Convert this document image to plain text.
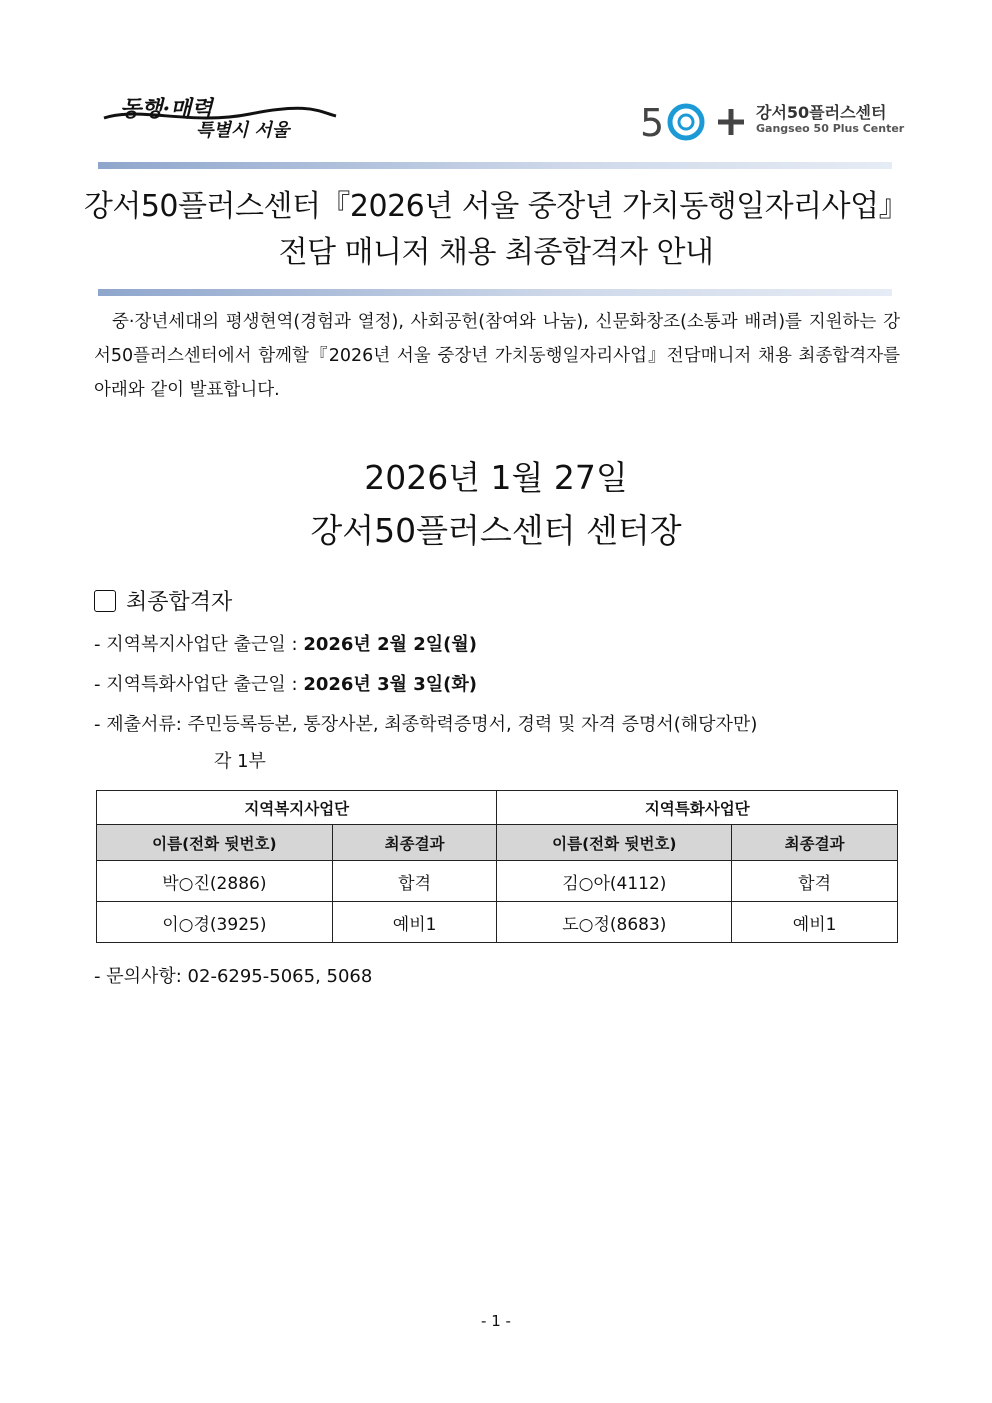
동행·매력
특별시 서울	5	강서50플러스센터
Gangseo 50 Plus Center
강서50플러스센터『2026년 서울 중장년 가치동행일자리사업』
전담 매니저 채용 최종합격자 안내
중·장년세대의 평생현역(경험과 열정), 사회공헌(참여와 나눔), 신문화창조(소통과 배려)를 지원하는 강서50플러스센터에서 함께할『2026년 서울 중장년 가치동행일자리사업』전담매니저 채용 최종합격자를 아래와 같이 발표합니다.
2026년 1월 27일
강서50플러스센터 센터장
최종합격자
- 지역복지사업단 출근일 : 2026년 2월 2일(월)
- 지역특화사업단 출근일 : 2026년 3월 3일(화)
- 제출서류: 주민등록등본, 통장사본, 최종학력증명서, 경력 및 자격 증명서(해당자만)
각 1부
지역복지사업단		지역특화사업단	
이름(전화 뒷번호)	최종결과	이름(전화 뒷번호)	최종결과
박○진(2886)	합격	김○아(4112)	합격
이○경(3925)	예비1	도○정(8683)	예비1
- 문의사항: 02-6295-5065, 5068
- 1 -
